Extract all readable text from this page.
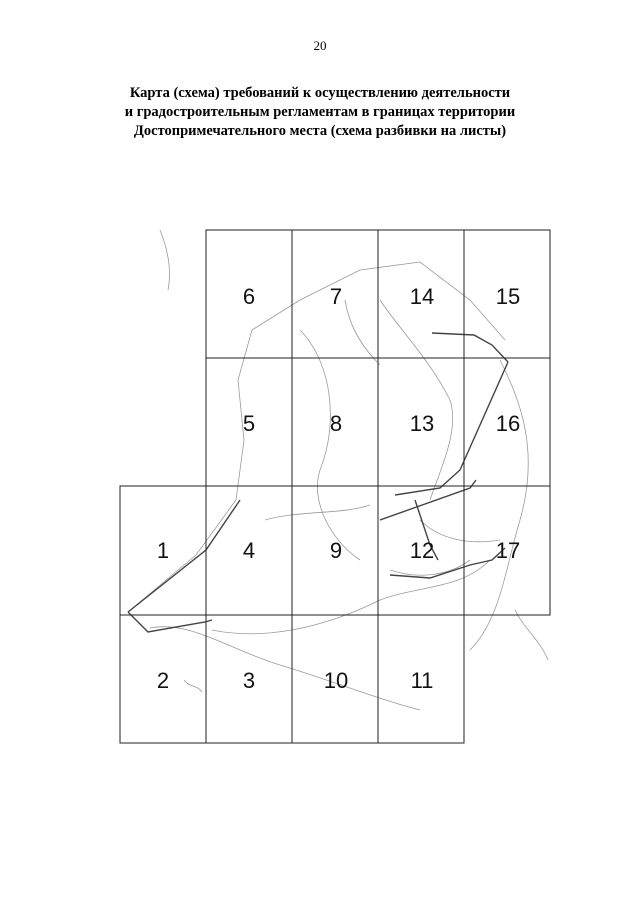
20
Карта (схема) требований к осуществлению деятельности
и градостроительным регламентам в границах территории
Достопримечательного места (схема разбивки на листы)
6	7	14	15
5	8	13	16
1	4	9	12	17
2	3	10	11
